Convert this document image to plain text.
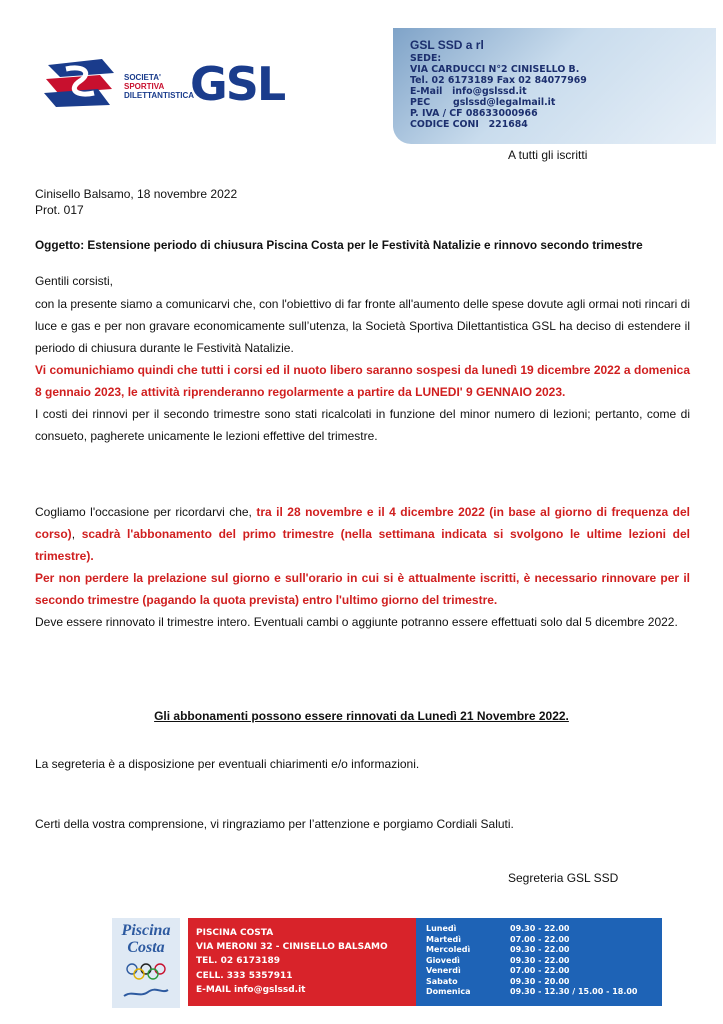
SOCIETA'
SPORTIVA
DILETTANTISTICA
GSL
GSL SSD a rl
SEDE:
VIA CARDUCCI N°2 CINISELLO B.
Tel. 02 6173189 Fax 02 84077969
E-Mail   info@gslssd.it
PEC       gslssd@legalmail.it
P. IVA / CF 08633000966
CODICE CONI   221684
A tutti gli iscritti
Cinisello Balsamo, 18 novembre 2022
Prot. 017
Oggetto: Estensione periodo di chiusura Piscina Costa per le Festività Natalizie e rinnovo secondo trimestre
Gentili corsisti,

con la presente siamo a comunicarvi che, con l'obiettivo di far fronte all'aumento delle spese dovute agli ormai noti rincari di luce e gas e per non gravare economicamente sull’utenza, la Società Sportiva Dilettantistica GSL ha deciso di estendere il periodo di chiusura durante le Festività Natalizie.

Vi comunichiamo quindi che tutti i corsi ed il nuoto libero saranno sospesi da lunedì 19 dicembre 2022 a domenica 8 gennaio 2023, le attività riprenderanno regolarmente a partire da LUNEDI' 9 GENNAIO 2023.

I costi dei rinnovi per il secondo trimestre sono stati ricalcolati in funzione del minor numero di lezioni; pertanto, come di consueto, pagherete unicamente le lezioni effettive del trimestre.

Cogliamo l'occasione per ricordarvi che, tra il 28 novembre e il 4 dicembre 2022 (in base al giorno di frequenza del corso), scadrà l'abbonamento del primo trimestre (nella settimana indicata si svolgono le ultime lezioni del trimestre).

Per non perdere la prelazione sul giorno e sull'orario in cui si è attualmente iscritti, è necessario rinnovare per il secondo trimestre (pagando la quota prevista) entro l'ultimo giorno del trimestre.

Deve essere rinnovato il trimestre intero. Eventuali cambi o aggiunte potranno essere effettuati solo dal 5 dicembre 2022.

Gli abbonamenti possono essere rinnovati da Lunedì 21 Novembre 2022.
La segreteria è a disposizione per eventuali chiarimenti e/o informazioni.
Certi della vostra comprensione, vi ringraziamo per l’attenzione e porgiamo Cordiali Saluti.
Segreteria GSL SSD
Piscina
Costa
PISCINA COSTA
VIA MERONI 32 - CINISELLO BALSAMO
TEL. 02 6173189
CELL. 333 5357911
E-MAIL info@gslssd.it
Lunedì	09.30 - 22.00
Martedì	07.00 - 22.00
Mercoledì	09.30 - 22.00
Giovedì	09.30 - 22.00
Venerdì	07.00 - 22.00
Sabato	09.30 - 20.00
Domenica	09.30 - 12.30 / 15.00 - 18.00
